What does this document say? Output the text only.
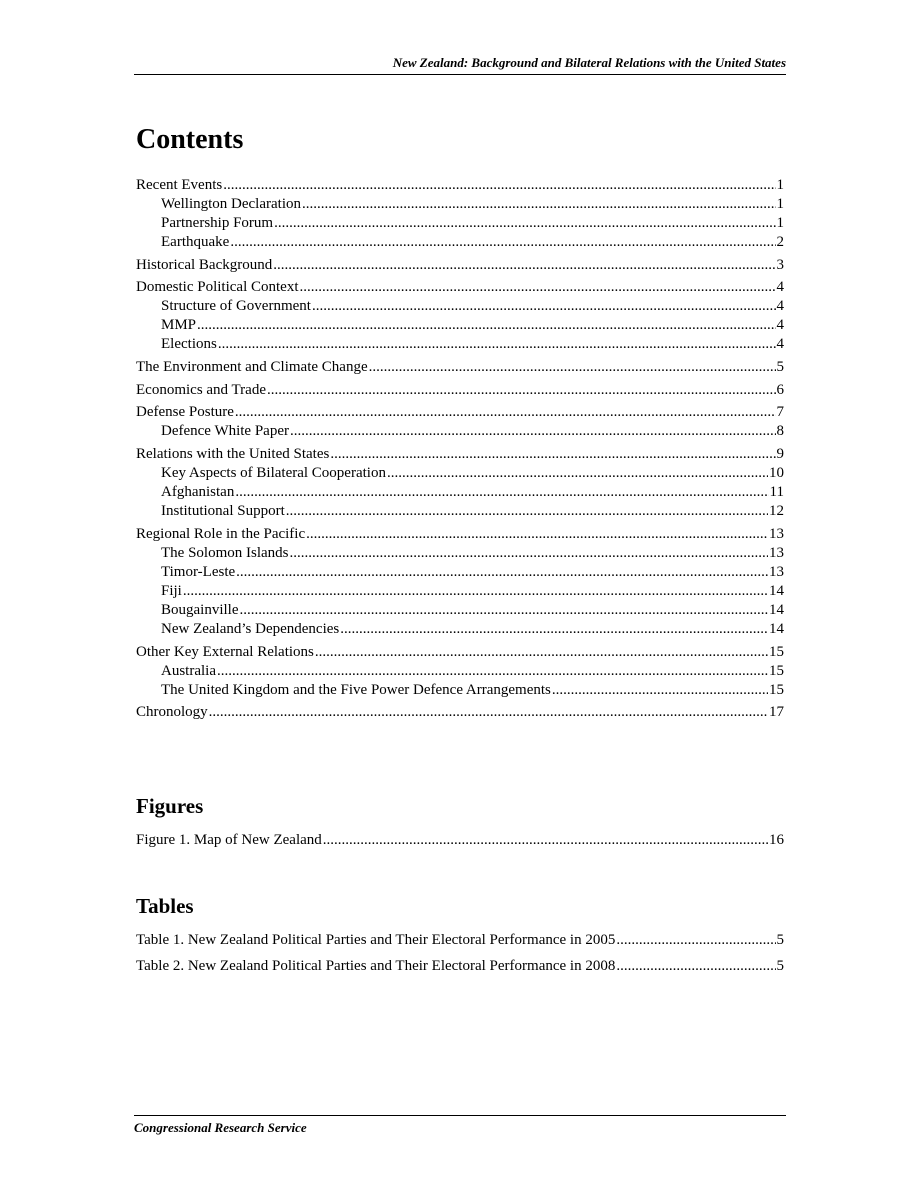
New Zealand: Background and Bilateral Relations with the United States
Contents
Recent Events .....	1
Wellington Declaration .....	1
Partnership Forum .....	1
Earthquake .....	2
Historical Background .....	3
Domestic Political Context .....	4
Structure of Government .....	4
MMP .....	4
Elections .....	4
The Environment and Climate Change .....	5
Economics and Trade .....	6
Defense Posture .....	7
Defence White Paper .....	8
Relations with the United States .....	9
Key Aspects of Bilateral Cooperation .....	10
Afghanistan .....	11
Institutional Support .....	12
Regional Role in the Pacific .....	13
The Solomon Islands .....	13
Timor-Leste .....	13
Fiji .....	14
Bougainville .....	14
New Zealand’s Dependencies .....	14
Other Key External Relations .....	15
Australia .....	15
The United Kingdom and the Five Power Defence Arrangements .....	15
Chronology .....	17
Figures
Figure 1. Map of New Zealand .....	16
Tables
Table 1. New Zealand Political Parties and Their Electoral Performance in 2005 .....	5
Table 2. New Zealand Political Parties and Their Electoral Performance in 2008 .....	5
Congressional Research Service
